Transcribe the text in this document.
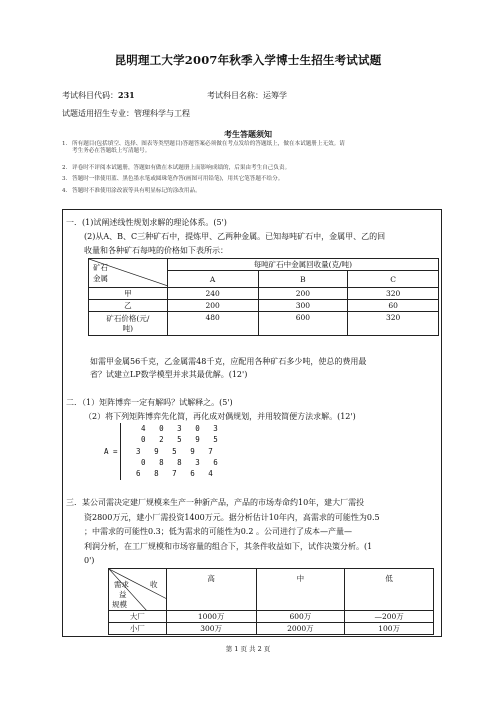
昆明理工大学2007年秋季入学博士生招生考试试题
考试科目代码：231	考试科目名称：运筹学
试题适用招生专业：管理科学与工程
考生答题须知
1．所有题目(包括填空、选择、图表等类型题目)答题答案必须做在考点发给的答题纸上，做在本试题册上无效。请
考生务必在答题纸上写清题号。
2．评卷时不评阅本试题册，答题如有做在本试题册上而影响成绩的，后果由考生自己负责。
3．答题时一律使用蓝、黑色墨水笔或圆珠笔作答(画图可用铅笔)，用其它笔答题不给分。
4．答题时不准使用涂改液等具有明显标记的涂改用品。
一．(1)试阐述线性规划求解的理论体系。(5')
(2)从A、B、C三种矿石中，提炼甲、乙两种金属。已知每吨矿石中，金属甲、乙的回
收量和各种矿石每吨的价格如下表所示：
矿石
金属	每吨矿石中金属回收量(克/吨)		
	A	B	C
甲	240	200	320
乙	200	300	60

矿石价格(元/
吨)	480	600	320
如需甲金属56千克，乙金属需48千克，应配用各种矿石多少吨，使总的费用最
省？试建立LP数学模型并求其最优解。(12')
二．（1）矩阵博弈一定有解吗？试解释之。(5')
（2）将下列矩阵博弈先化简，再化成对偶规划，并用较简便方法求解。(12')
A =
4 0 3 0 3
0 2 5 9 5
3 9 5 9 7
0 8 8 3 6
6 8 7 6 4
三．某公司需决定建厂规模来生产一种新产品，产品的市场寿命约10年，建大厂需投
资2800万元，建小厂需投资1400万元。据分析估计10年内，高需求的可能性为0.5
；中需求的可能性0.3；低为需求的可能性为0.2 。公司进行了成本—产量—
利润分析，在工厂规模和市场容量的组合下，其条件收益如下，试作决策分析。(1
0')
需求 收
益
规模	高	中	低
大厂	1000万	600万	—200万
小厂	300万	2000万	100万
第 1 页 共 2 页
